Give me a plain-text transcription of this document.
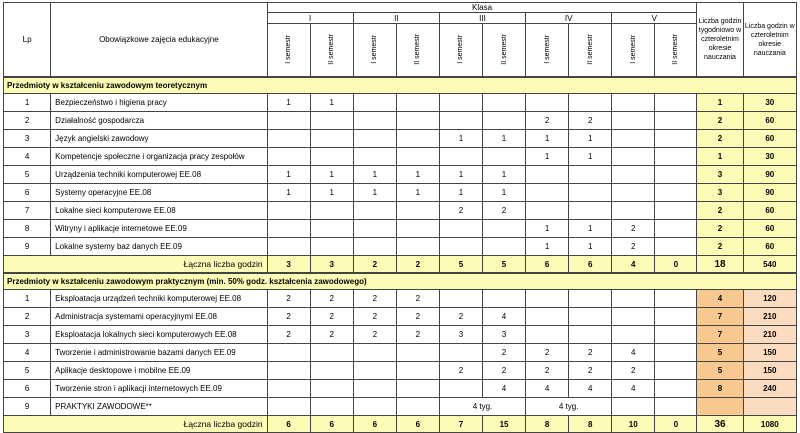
Lp	Obowiązkowe zajęcia edukacyjne	Klasa										Liczba godzin tygodniowo w czteroletnim okresie nauczania	Liczba godzin w czteroletnim okresie nauczania
		I		II		III		IV		V			
		I semestr	II semestr	I semestr	II semestr	I semestr	II semestr	I semestr	II semestr	I semestr	II semestr		
Przedmioty w kształceniu zawodowym teoretycznym													
1	Bezpieczeństwo i higiena pracy	1	1									1	30
2	Działalność gospodarcza							2	2			2	60
3	Język angielski zawodowy					1	1	1	1			2	60
4	Kompetencje społeczne i organizacja pracy zespołów							1	1			1	30
5	Urządzenia techniki komputerowej EE.08	1	1	1	1	1	1					3	90
6	Systemy operacyjne EE.08	1	1	1	1	1	1					3	90
7	Lokalne sieci komputerowe EE.08					2	2					2	60
8	Witryny i aplikacje internetowe EE.09							1	1	2		2	60
9	Lokalne systemy baz danych EE.09							1	1	2		2	60
Łączna liczba godzin		3	3	2	2	5	5	6	6	4	0	18	540
Przedmioty w kształceniu zawodowym praktycznym (min. 50% godz. kształcenia zawodowego)													
1	Eksploatacja urządzeń techniki komputerowej EE.08	2	2	2	2							4	120
2	Administracja systemami operacyjnymi EE.08	2	2	2	2	2	4					7	210
3	Eksploatacja lokalnych sieci komputerowych EE.08	2	2	2	2	3	3					7	210
4	Tworzenie i administrowanie bazami danych EE.09						2	2	2	4		5	150
5	Aplikacje desktopowe i mobilne EE.09					2	2	2	2	2		5	150
6	Tworzenie stron i aplikacji internetowych EE.09						4	4	4	4		8	240
9	PRAKTYKI ZAWODOWE**					4 tyg.		4 tyg.					
Łączna liczba godzin		6	6	6	6	7	15	8	8	10	0	36	1080
